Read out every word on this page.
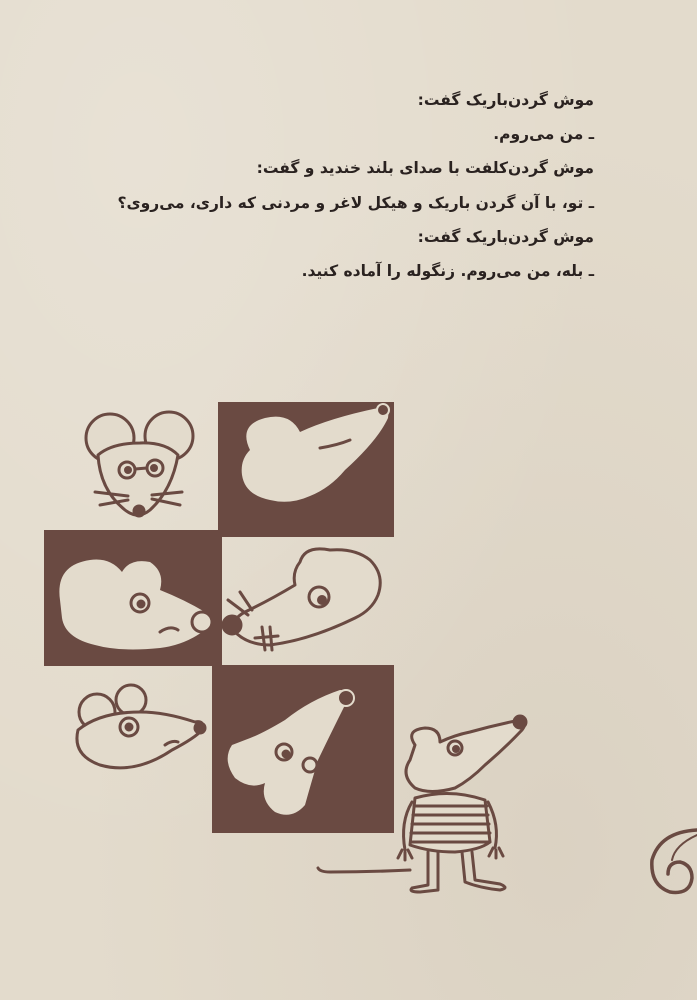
موش گردن‌باریک گفت:
ـ من می‌روم.
موش گردن‌کلفت با صدای بلند خندید و گفت:
ـ تو، با آن گردن باریک و هیکل لاغر و مردنی که داری، می‌روی؟
موش گردن‌باریک گفت:
ـ بله، من می‌روم. زنگوله را آماده کنید.
